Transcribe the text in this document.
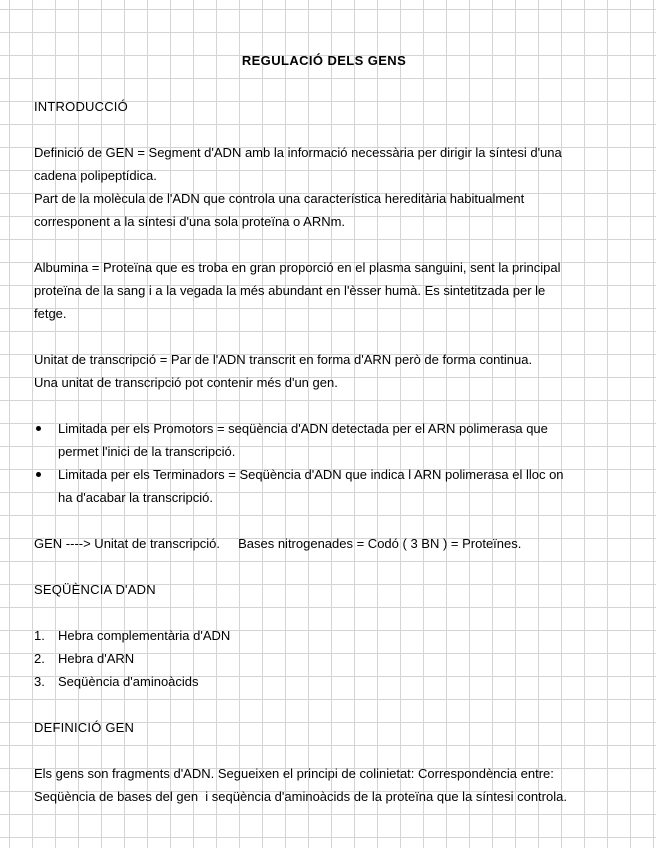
REGULACIÓ DELS GENS
INTRODUCCIÓ
Definició de GEN = Segment d'ADN amb la informació necessària per dirigir la síntesi d'una
cadena polipeptídica.
Part de la molècula de l'ADN que controla una característica hereditària habitualment
corresponent a la síntesi d'una sola proteïna o ARNm.
Albumina = Proteïna que es troba en gran proporció en el plasma sanguini, sent la principal
proteïna de la sang i a la vegada la més abundant en l'èsser humà. Es sintetitzada per le
fetge.
Unitat de transcripció = Par de l'ADN transcrit en forma d'ARN però de forma continua.
Una unitat de transcripció pot contenir més d'un gen.
Limitada per els Promotors = seqüència d'ADN detectada per el ARN polimerasa que
permet l'inici de la transcripció.
Limitada per els Terminadors = Seqüència d'ADN que indica l ARN polimerasa el lloc on
ha d'acabar la transcripció.
GEN ----> Unitat de transcripció.     Bases nitrogenades = Codó ( 3 BN ) = Proteïnes.
SEQÜÈNCIA D'ADN
1.	Hebra complementària d'ADN
2.	Hebra d'ARN
3.	Seqüència d'aminoàcids
DEFINICIÓ GEN
Els gens son fragments d'ADN. Segueixen el principi de colinietat: Correspondència entre:
Seqüència de bases del gen  i seqüència d'aminoàcids de la proteïna que la síntesi controla.
